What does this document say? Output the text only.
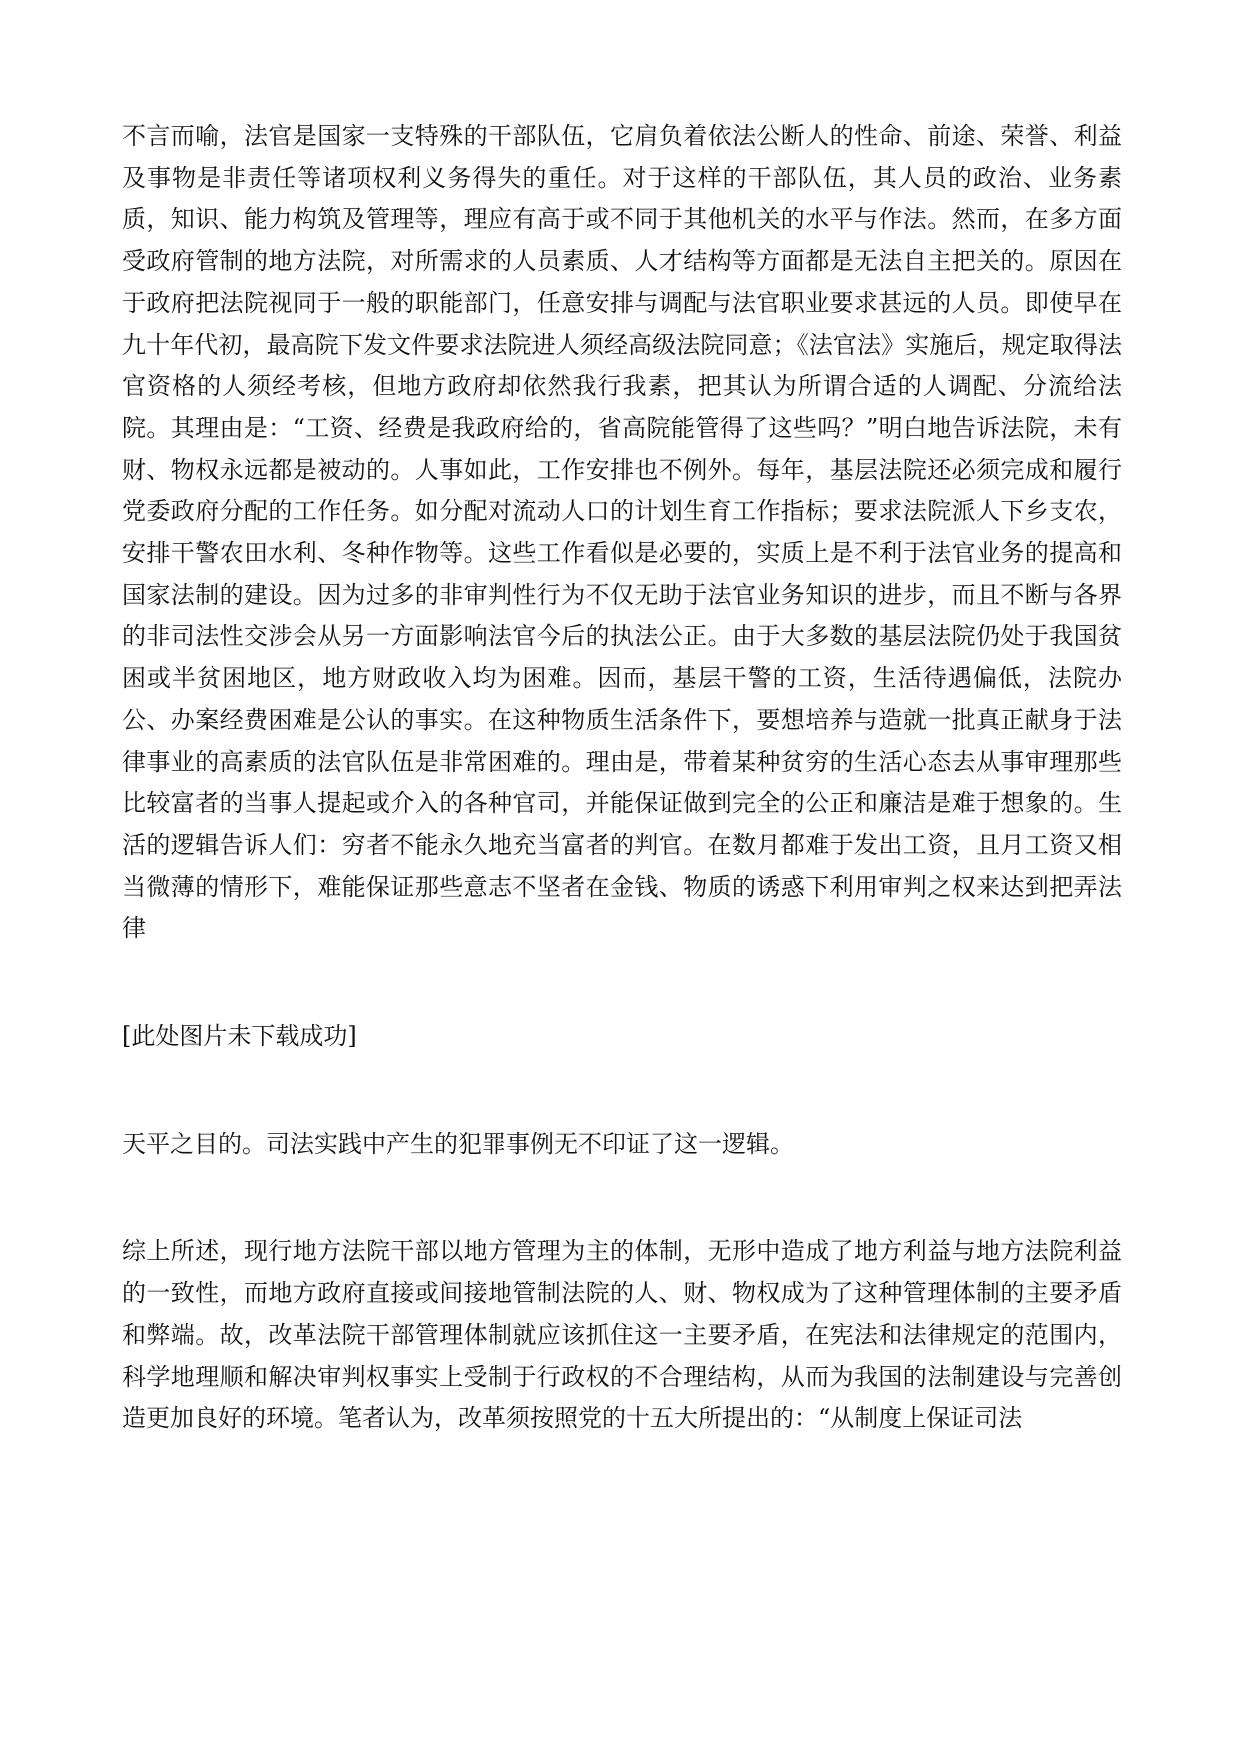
不言而喻，法官是国家一支特殊的干部队伍，它肩负着依法公断人的性命、前途、荣誉、利益及事物是非责任等诸项权利义务得失的重任。对于这样的干部队伍，其人员的政治、业务素质，知识、能力构筑及管理等，理应有高于或不同于其他机关的水平与作法。然而，在多方面受政府管制的地方法院，对所需求的人员素质、人才结构等方面都是无法自主把关的。原因在于政府把法院视同于一般的职能部门，任意安排与调配与法官职业要求甚远的人员。即使早在九十年代初，最高院下发文件要求法院进人须经高级法院同意；《法官法》实施后，规定取得法官资格的人须经考核，但地方政府却依然我行我素，把其认为所谓合适的人调配、分流给法院。其理由是：“工资、经费是我政府给的，省高院能管得了这些吗？”明白地告诉法院，未有财、物权永远都是被动的。人事如此，工作安排也不例外。每年，基层法院还必须完成和履行党委政府分配的工作任务。如分配对流动人口的计划生育工作指标；要求法院派人下乡支农，安排干警农田水利、冬种作物等。这些工作看似是必要的，实质上是不利于法官业务的提高和国家法制的建设。因为过多的非审判性行为不仅无助于法官业务知识的进步，而且不断与各界的非司法性交涉会从另一方面影响法官今后的执法公正。由于大多数的基层法院仍处于我国贫困或半贫困地区，地方财政收入均为困难。因而，基层干警的工资，生活待遇偏低，法院办公、办案经费困难是公认的事实。在这种物质生活条件下，要想培养与造就一批真正献身于法律事业的高素质的法官队伍是非常困难的。理由是，带着某种贫穷的生活心态去从事审理那些比较富者的当事人提起或介入的各种官司，并能保证做到完全的公正和廉洁是难于想象的。生活的逻辑告诉人们：穷者不能永久地充当富者的判官。在数月都难于发出工资，且月工资又相当微薄的情形下，难能保证那些意志不坚者在金钱、物质的诱惑下利用审判之权来达到把弄法律

[此处图片未下载成功]

天平之目的。司法实践中产生的犯罪事例无不印证了这一逻辑。

综上所述，现行地方法院干部以地方管理为主的体制，无形中造成了地方利益与地方法院利益的一致性，而地方政府直接或间接地管制法院的人、财、物权成为了这种管理体制的主要矛盾和弊端。故，改革法院干部管理体制就应该抓住这一主要矛盾，在宪法和法律规定的范围内，科学地理顺和解决审判权事实上受制于行政权的不合理结构，从而为我国的法制建设与完善创造更加良好的环境。笔者认为，改革须按照党的十五大所提出的：“从制度上保证司法
